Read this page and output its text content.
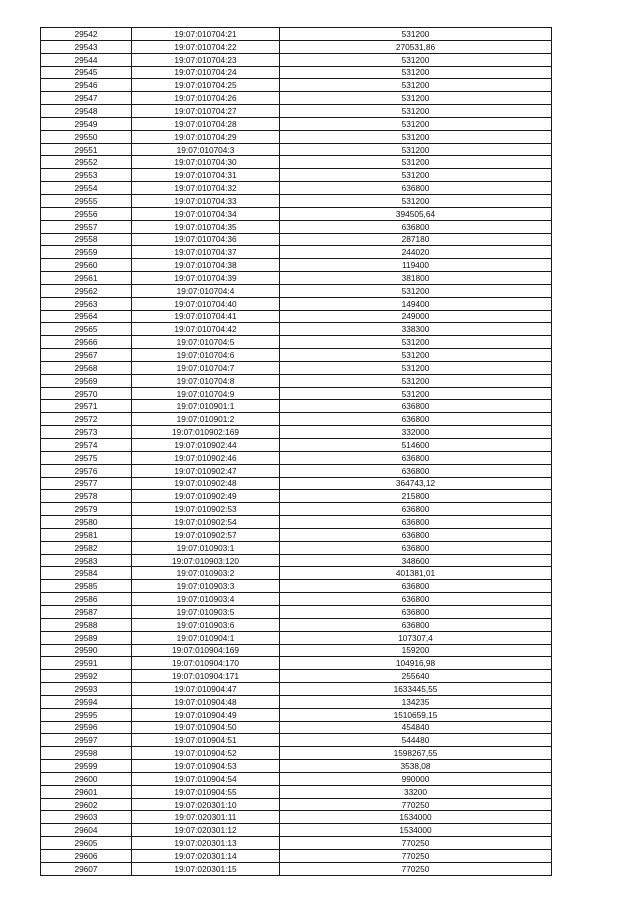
29542	19:07:010704:21	531200
29543	19:07:010704:22	270531,86
29544	19:07:010704:23	531200
29545	19:07:010704:24	531200
29546	19:07:010704:25	531200
29547	19:07:010704:26	531200
29548	19:07:010704:27	531200
29549	19:07:010704:28	531200
29550	19:07:010704:29	531200
29551	19:07:010704:3	531200
29552	19:07:010704:30	531200
29553	19:07:010704:31	531200
29554	19:07:010704:32	636800
29555	19:07:010704:33	531200
29556	19:07:010704:34	394505,64
29557	19:07:010704:35	636800
29558	19:07:010704:36	287180
29559	19:07:010704:37	244020
29560	19:07:010704:38	119400
29561	19:07:010704:39	381800
29562	19:07:010704:4	531200
29563	19:07:010704:40	149400
29564	19:07:010704:41	249000
29565	19:07:010704:42	338300
29566	19:07:010704:5	531200
29567	19:07:010704:6	531200
29568	19:07:010704:7	531200
29569	19:07:010704:8	531200
29570	19:07:010704:9	531200
29571	19:07:010901:1	636800
29572	19:07:010901:2	636800
29573	19:07:010902:169	332000
29574	19:07:010902:44	514600
29575	19:07:010902:46	636800
29576	19:07:010902:47	636800
29577	19:07:010902:48	364743,12
29578	19:07:010902:49	215800
29579	19:07:010902:53	636800
29580	19:07:010902:54	636800
29581	19:07:010902:57	636800
29582	19:07:010903:1	636800
29583	19:07:010903:120	348600
29584	19:07:010903:2	401381,01
29585	19:07:010903:3	636800
29586	19:07:010903:4	636800
29587	19:07:010903:5	636800
29588	19:07:010903:6	636800
29589	19:07:010904:1	107307,4
29590	19:07:010904:169	159200
29591	19:07:010904:170	104916,98
29592	19:07:010904:171	255640
29593	19:07:010904:47	1633445,55
29594	19:07:010904:48	134235
29595	19:07:010904:49	1510659,15
29596	19:07:010904:50	454840
29597	19:07:010904:51	544480
29598	19:07:010904:52	1598267,55
29599	19:07:010904:53	3538,08
29600	19:07:010904:54	990000
29601	19:07:010904:55	33200
29602	19:07:020301:10	770250
29603	19:07:020301:11	1534000
29604	19:07:020301:12	1534000
29605	19:07:020301:13	770250
29606	19:07:020301:14	770250
29607	19:07:020301:15	770250
